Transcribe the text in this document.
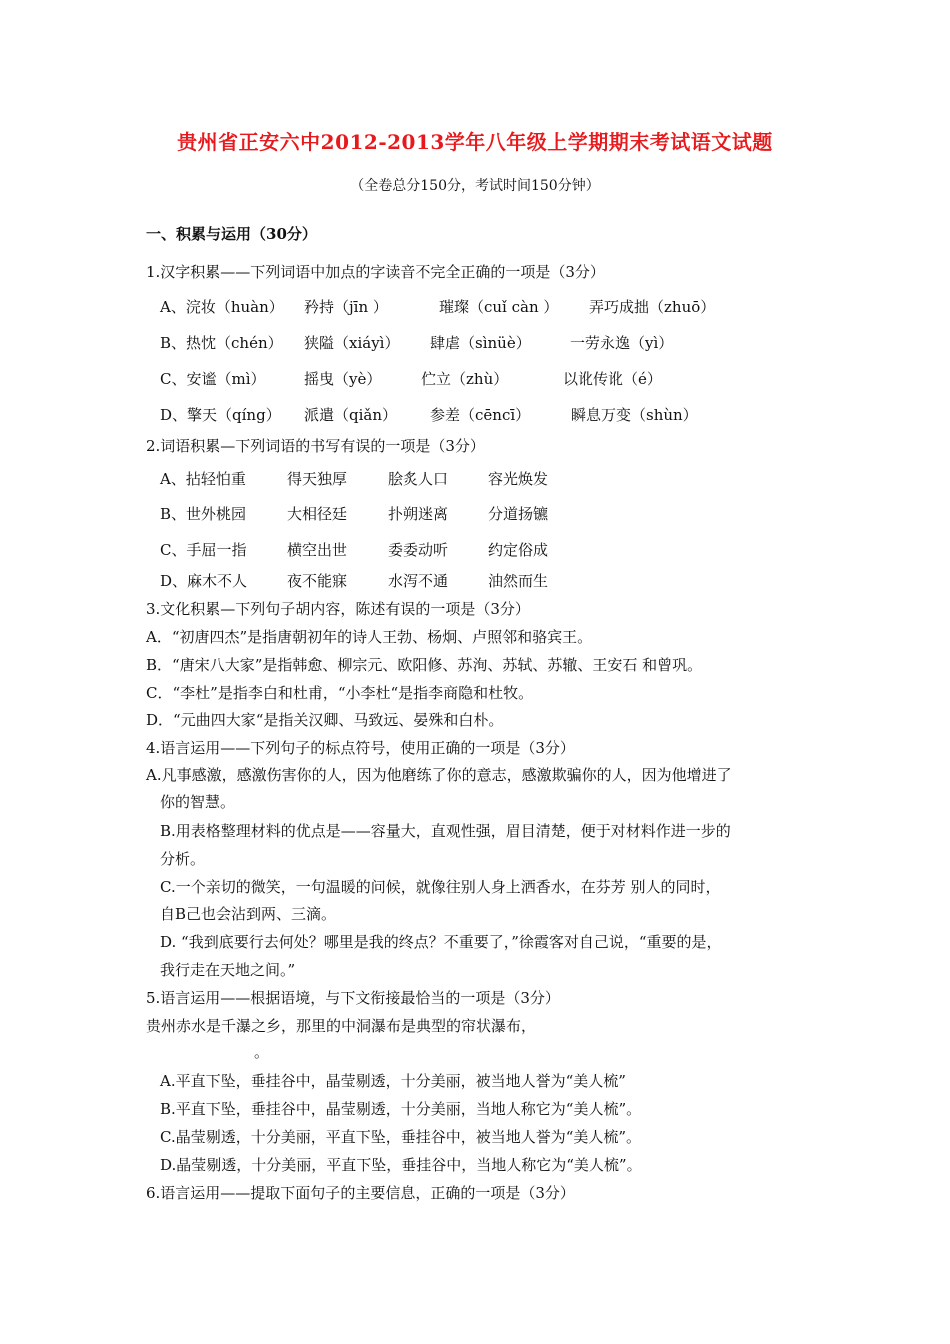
贵州省正安六中2012-2013学年八年级上学期期末考试语文试题
（全卷总分150分，考试时间150分钟）
一、积累与运用（30分）
1.汉字积累——下列词语中加点的字读音不完全正确的一项是（3分）
A、浣妆（huàn） 矜持（jīn ）	璀璨（cuǐ càn ） 弄巧成拙（zhuō）
B、热忱（chén） 狭隘（xiáyì） 肆虐（sìnüè）	一劳永逸（yì）
C、安谧（mì）	摇曳（yè）	伫立（zhù）	以讹传讹（é）
D、擎天（qíng） 派遣（qiǎn） 参差（cēncī）	瞬息万变（shùn）
2.词语积累—下列词语的书写有误的一项是（3分）
A、拈轻怕重	得天独厚	脍炙人口	容光焕发
B、世外桃园	大相径廷	扑朔迷离	分道扬镳
C、手屈一指	横空出世	委委动听	约定俗成
D、麻木不人	夜不能寐	水泻不通	油然而生
3.文化积累—下列句子胡内容，陈述有误的一项是（3分）
A．“初唐四杰”是指唐朝初年的诗人王勃、杨炯、卢照邻和骆宾王。
B．“唐宋八大家”是指韩愈、柳宗元、欧阳修、苏洵、苏轼、苏辙、王安石 和曾巩。
C．“李杜”是指李白和杜甫，“小李杜“是指李商隐和杜牧。
D．“元曲四大家“是指关汉卿、马致远、晏殊和白朴。
4.语言运用——下列句子的标点符号，使用正确的一项是（3分）
A.凡事感激，感激伤害你的人，因为他磨练了你的意志，感激欺骗你的人，因为他增进了
你的智慧。
B.用表格整理材料的优点是——容量大，直观性强，眉目清楚，便于对材料作进一步的
分析。
C.一个亲切的微笑，一句温暖的问候，就像往别人身上洒香水，在芬芳 别人的同时，
自B己也会沾到两、三滴。
D. “我到底要行去何处？哪里是我的终点？不重要了，”徐霞客对自己说，“重要的是，
我行走在天地之间。”
5.语言运用——根据语境，与下文衔接最恰当的一项是（3分）
贵州赤水是千瀑之乡，那里的中洞瀑布是典型的帘状瀑布，
。
A.平直下坠，垂挂谷中，晶莹剔透，十分美丽，被当地人誉为“美人梳”
B.平直下坠，垂挂谷中，晶莹剔透，十分美丽，当地人称它为“美人梳”。
C.晶莹剔透，十分美丽，平直下坠，垂挂谷中，被当地人誉为“美人梳”。
D.晶莹剔透，十分美丽，平直下坠，垂挂谷中，当地人称它为“美人梳”。
6.语言运用——提取下面句子的主要信息，正确的一项是（3分）
